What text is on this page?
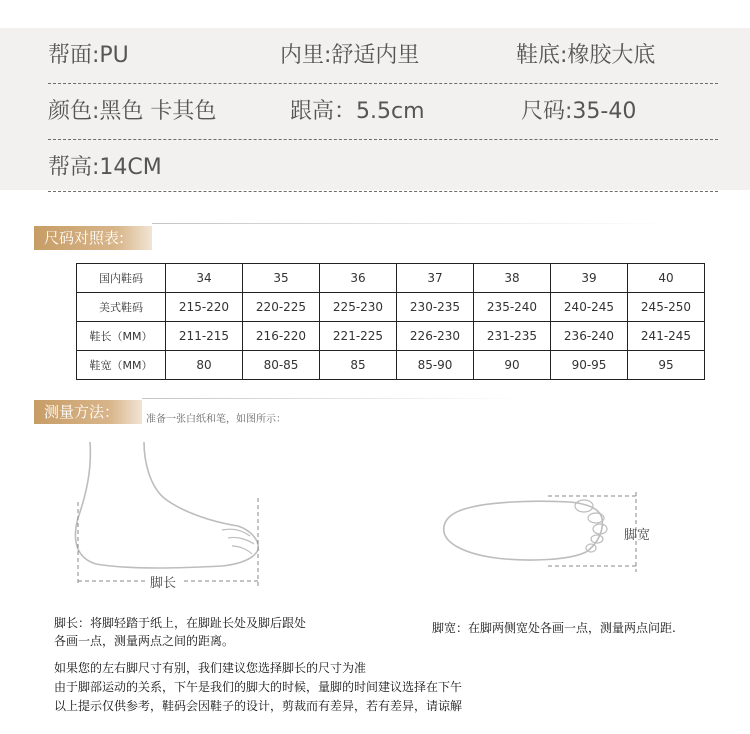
帮面:PU	内里:舒适内里	鞋底:橡胶大底
颜色:黑色 卡其色	跟高：5.5cm	尺码:35-40
帮高:14CM
尺码对照表:
国内鞋码	34	35	36	37	38	39	40
美式鞋码	215-220	220-225	225-230	230-235	235-240	240-245	245-250
鞋长（MM）	211-215	216-220	221-225	226-230	231-235	236-240	241-245
鞋宽（MM）	80	80-85	85	85-90	90	90-95	95
测量方法：	准备一张白纸和笔，如图所示：
脚长
脚宽
脚长：将脚轻踏于纸上，在脚趾长处及脚后跟处
各画一点，测量两点之间的距离。
脚宽：在脚两侧宽处各画一点，测量两点问距.
如果您的左右脚尺寸有别，我们建议您选择脚长的尺寸为准
由于脚部运动的关系，下午是我们的脚大的时候，量脚的时间建议选择在下午
以上提示仅供参考，鞋码会因鞋子的设计，剪裁而有差异，若有差异，请谅解
